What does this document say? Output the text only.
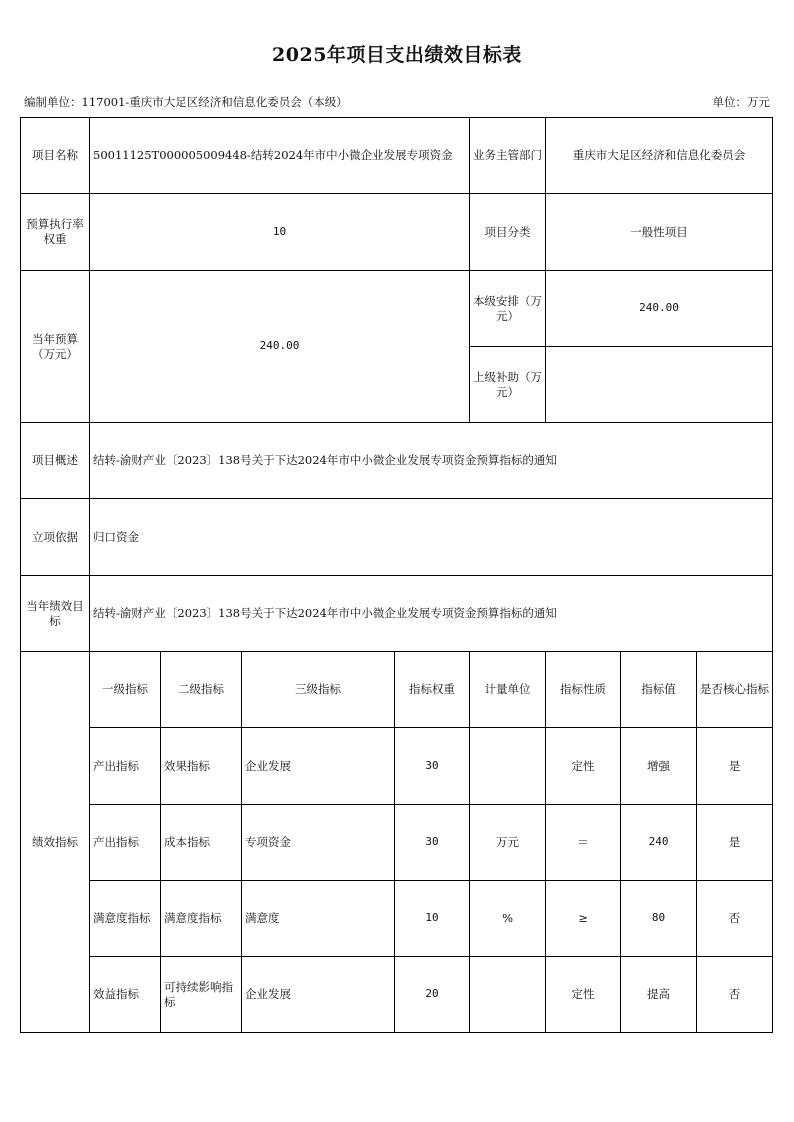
2025年项目支出绩效目标表
编制单位：117001-重庆市大足区经济和信息化委员会（本级）	单位：万元
项目名称	50011125T000005009448-结转2024年市中小微企业发展专项资金				业务主管部门	重庆市大足区经济和信息化委员会		
预算执行率权重	10				项目分类	一般性项目		
当年预算（万元）	240.00				本级安排（万元）	240.00		
					上级补助（万元）			
项目概述	结转-渝财产业〔2023〕138号关于下达2024年市中小微企业发展专项资金预算指标的通知							
立项依据	归口资金							
当年绩效目标	结转-渝财产业〔2023〕138号关于下达2024年市中小微企业发展专项资金预算指标的通知							
绩效指标	一级指标	二级指标	三级指标	指标权重	计量单位	指标性质	指标值	是否核心指标
	产出指标	效果指标	企业发展	30		定性	增强	是
	产出指标	成本指标	专项资金	30	万元	＝	240	是
	满意度指标	满意度指标	满意度	10	%	≥	80	否
	效益指标	可持续影响指标	企业发展	20		定性	提高	否
